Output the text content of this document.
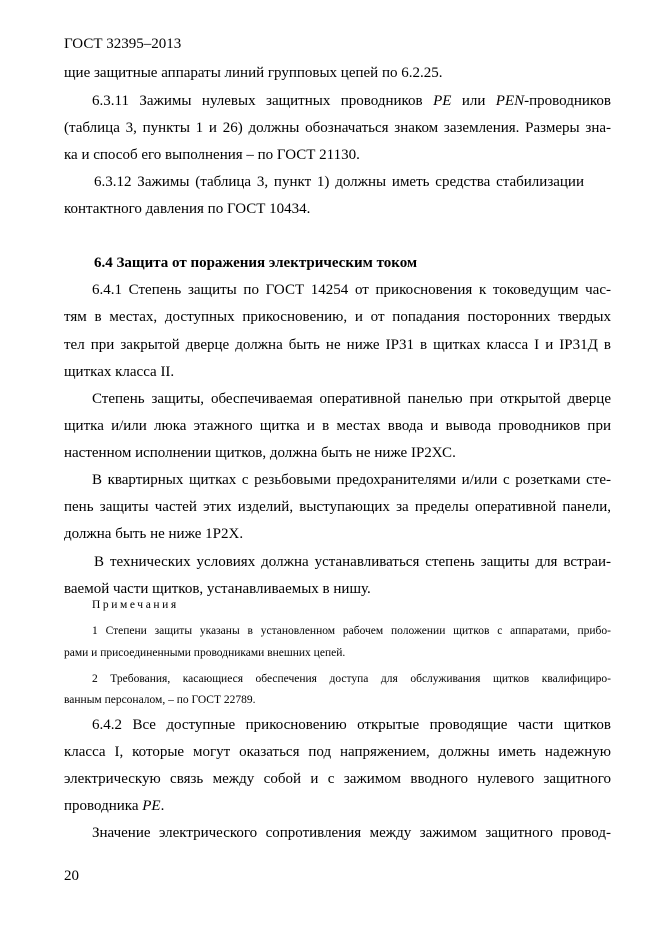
ГОСТ 32395–2013
щие защитные аппараты линий групповых цепей по 6.2.25.
6.3.11 Зажимы нулевых защитных проводников PE или PEN-проводников
(таблица 3, пункты 1 и 26) должны обозначаться знаком заземления. Размеры зна-
ка и способ его выполнения – по ГОСТ 21130.
6.3.12 Зажимы (таблица 3, пункт 1) должны иметь средства стабилизации
контактного давления по ГОСТ 10434.
6.4 Защита от поражения электрическим током
6.4.1 Степень защиты по ГОСТ 14254 от прикосновения к токоведущим час-
тям в местах, доступных прикосновению, и от попадания посторонних твердых
тел при закрытой дверце должна быть не ниже IP31 в щитках класса I и IP31Д в
щитках класса II.
Степень защиты, обеспечиваемая оперативной панелью при открытой дверце
щитка и/или люка этажного щитка и в местах ввода и вывода проводников при
настенном исполнении щитков, должна быть не ниже IP2ХС.
В квартирных щитках с резьбовыми предохранителями и/или с розетками сте-
пень защиты частей этих изделий, выступающих за пределы оперативной панели,
должна быть не ниже 1P2X.
В технических условиях должна устанавливаться степень защиты для встраи-
ваемой части щитков, устанавливаемых в нишу.
Примечания
1 Степени защиты указаны в установленном рабочем положении щитков с аппаратами, прибо-
рами и присоединенными проводниками внешних цепей.
2 Требования, касающиеся обеспечения доступа для обслуживания щитков квалифициро-
ванным персоналом, – по ГОСТ 22789.
6.4.2 Все доступные прикосновению открытые проводящие части щитков
класса I, которые могут оказаться под напряжением, должны иметь надежную
электрическую связь между собой и с зажимом вводного нулевого защитного
проводника PE.
Значение электрического сопротивления между зажимом защитного провод-
20
